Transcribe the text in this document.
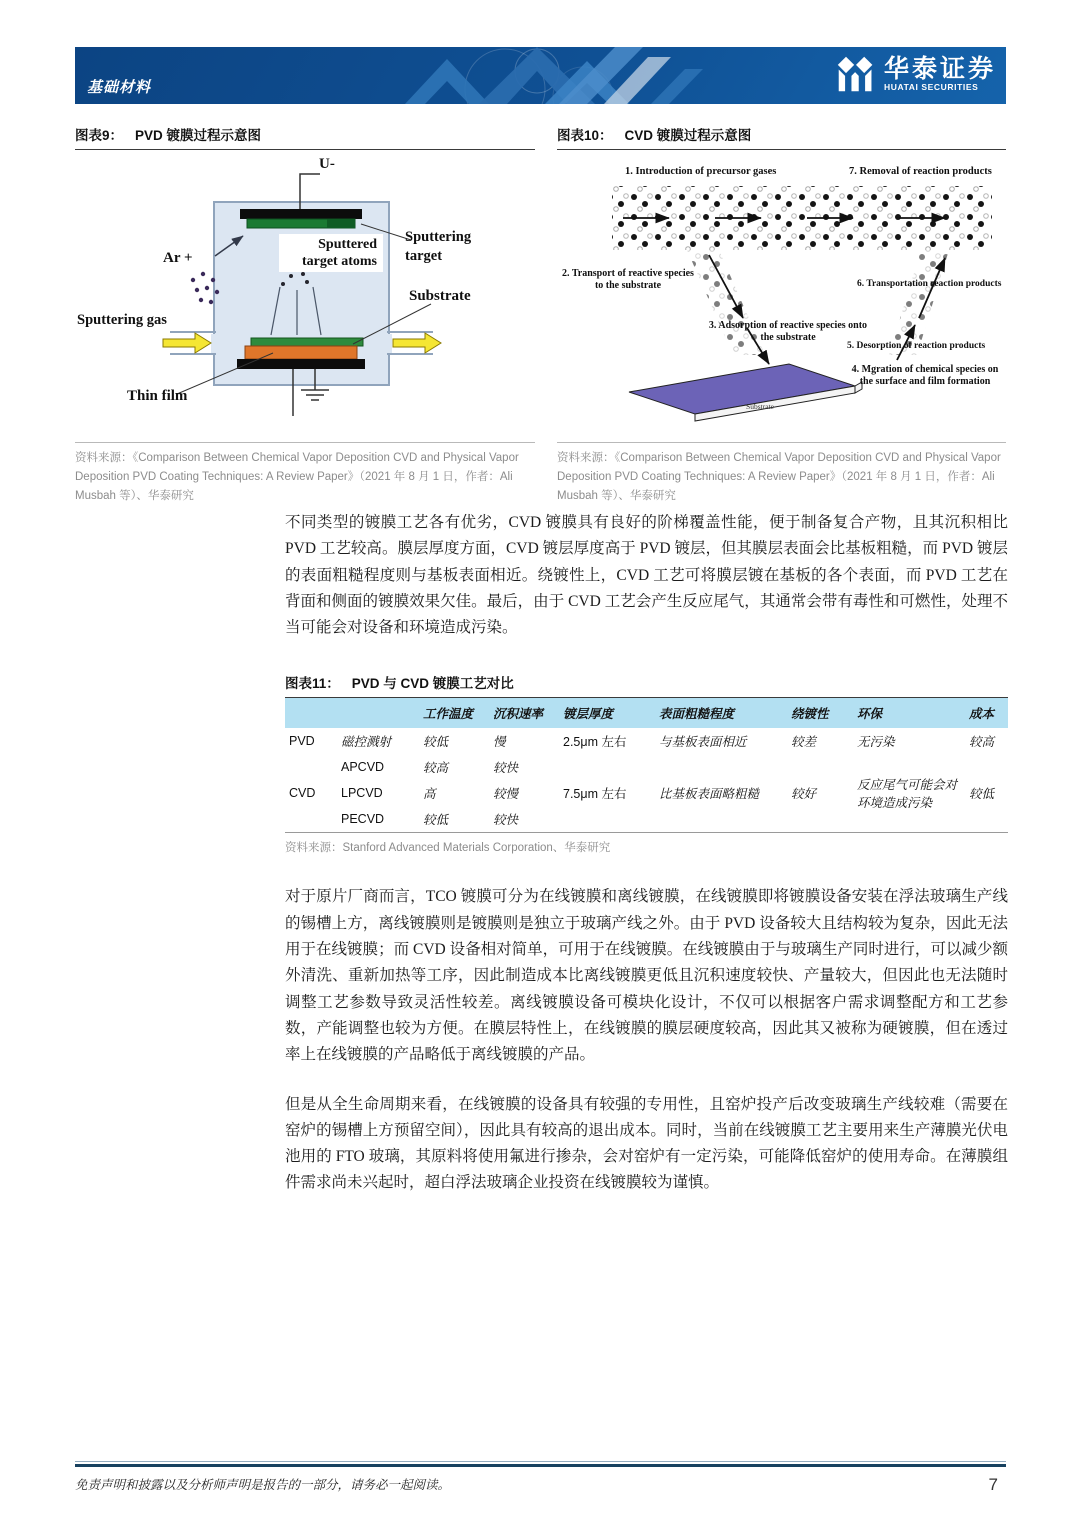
基础材料
华泰证券
HUATAI SECURITIES
图表9： PVD 镀膜过程示意图
U-
Ar +
Sputtered target atoms
Sputtering target
Substrate
Sputtering gas
Thin film
资料来源：《Comparison Between Chemical Vapor Deposition CVD and Physical Vapor Deposition PVD Coating Techniques: A Review Paper》（2021 年 8 月 1 日，作者：Ali Musbah 等）、华泰研究
图表10： CVD 镀膜过程示意图
1. Introduction of precursor gases	7. Removal of reaction products
2. Transport of reactive species to the substrate	6. Transportation reaction products
3. Adsorption of reactive species onto the substrate
5. Desorption of reaction products
4. Mgration of chemical species on the surface and film formation
Substrate
资料来源：《Comparison Between Chemical Vapor Deposition CVD and Physical Vapor Deposition PVD Coating Techniques: A Review Paper》（2021 年 8 月 1 日，作者：Ali Musbah 等）、华泰研究

不同类型的镀膜工艺各有优劣，CVD 镀膜具有良好的阶梯覆盖性能，便于制备复合产物，且其沉积相比 PVD 工艺较高。膜层厚度方面，CVD 镀层厚度高于 PVD 镀层，但其膜层表面会比基板粗糙，而 PVD 镀层的表面粗糙程度则与基板表面相近。绕镀性上，CVD 工艺可将膜层镀在基板的各个表面，而 PVD 工艺在背面和侧面的镀膜效果欠佳。最后，由于 CVD 工艺会产生反应尾气，其通常会带有毒性和可燃性，处理不当可能会对设备和环境造成污染。

图表11： PVD 与 CVD 镀膜工艺对比
		工作温度	沉积速率	镀层厚度	表面粗糙程度	绕镀性	环保	成本
PVD	磁控溅射	较低	慢	2.5μm 左右	与基板表面相近	较差	无污染	较高
CVD	APCVD	较高	较快	7.5μm 左右	比基板表面略粗糙	较好	反应尾气可能会对环境造成污染	较低
	LPCVD	高	较慢					
	PECVD	较低	较快					
资料来源：Stanford Advanced Materials Corporation、华泰研究

对于原片厂商而言，TCO 镀膜可分为在线镀膜和离线镀膜，在线镀膜即将镀膜设备安装在浮法玻璃生产线的锡槽上方，离线镀膜则是镀膜则是独立于玻璃产线之外。由于 PVD 设备较大且结构较为复杂，因此无法用于在线镀膜；而 CVD 设备相对简单，可用于在线镀膜。在线镀膜由于与玻璃生产同时进行，可以减少额外清洗、重新加热等工序，因此制造成本比离线镀膜更低且沉积速度较快、产量较大，但因此也无法随时调整工艺参数导致灵活性较差。离线镀膜设备可模块化设计，不仅可以根据客户需求调整配方和工艺参数，产能调整也较为方便。在膜层特性上，在线镀膜的膜层硬度较高，因此其又被称为硬镀膜，但在透过率上在线镀膜的产品略低于离线镀膜的产品。

但是从全生命周期来看，在线镀膜的设备具有较强的专用性，且窑炉投产后改变玻璃生产线较难（需要在窑炉的锡槽上方预留空间），因此具有较高的退出成本。同时，当前在线镀膜工艺主要用来生产薄膜光伏电池用的 FTO 玻璃，其原料将使用氟进行掺杂，会对窑炉有一定污染，可能降低窑炉的使用寿命。在薄膜组件需求尚未兴起时，超白浮法玻璃企业投资在线镀膜较为谨慎。

免责声明和披露以及分析师声明是报告的一部分，请务必一起阅读。	7
